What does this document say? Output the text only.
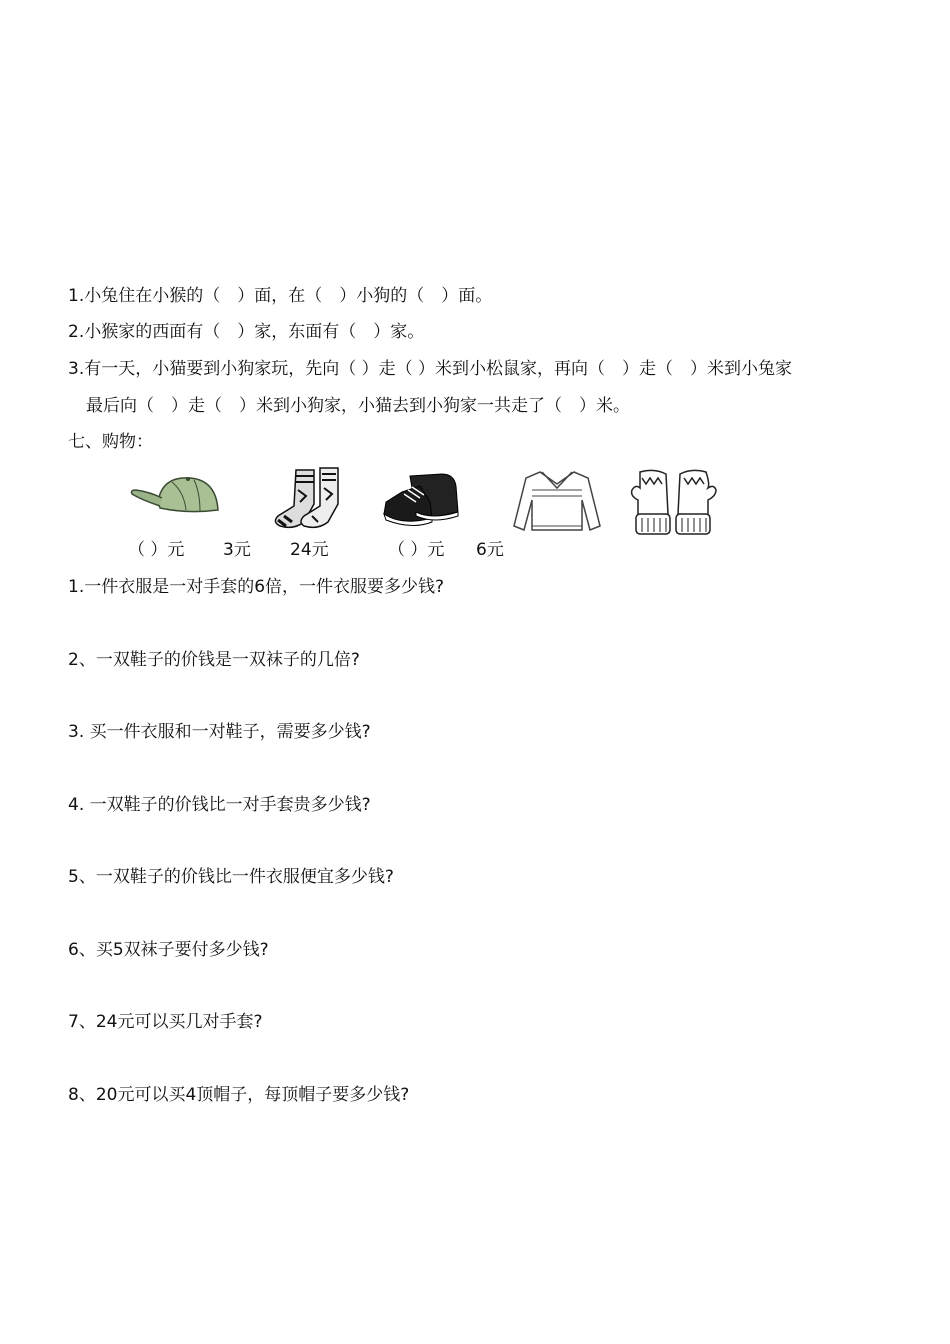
1.小兔住在小猴的（　）面，在（　）小狗的（　）面。
2.小猴家的西面有（　）家，东面有（　）家。
3.有一天，小猫要到小狗家玩，先向（ ）走（ ）米到小松鼠家，再向（　）走（　）米到小兔家
最后向（　）走（　）米到小狗家，小猫去到小狗家一共走了（　）米。
七、购物：
（ ）元 3元 24元	（ ）元 6元
1.一件衣服是一对手套的6倍，一件衣服要多少钱?
2、一双鞋子的价钱是一双袜子的几倍?
3. 买一件衣服和一对鞋子，需要多少钱?
4. 一双鞋子的价钱比一对手套贵多少钱?
5、一双鞋子的价钱比一件衣服便宜多少钱?
6、买5双袜子要付多少钱?
7、24元可以买几对手套?
8、20元可以买4顶帽子，每顶帽子要多少钱?
